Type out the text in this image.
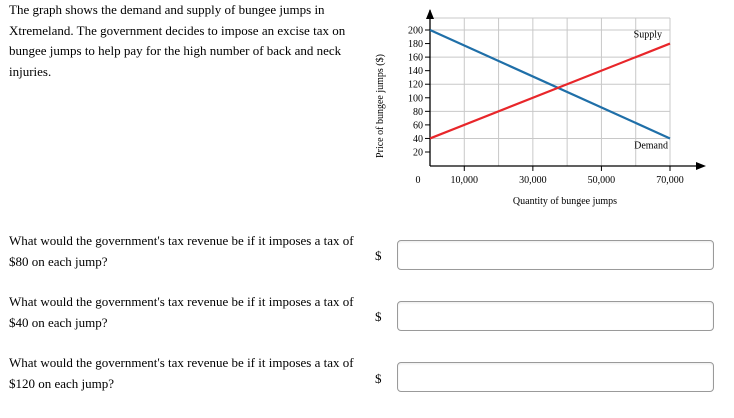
The graph shows the demand and supply of bungee jumps in Xtremeland. The government decides to impose an excise tax on bungee jumps to help pay for the high number of back and neck injuries.

20
40
60
80
100
120
140
160
180
200
0	10,000	30,000	50,000	70,000
Supply
Demand
Quantity of bungee jumps
Price of bungee jumps ($)

What would the government's tax revenue be if it imposes a tax of $80 on each jump?	$

What would the government's tax revenue be if it imposes a tax of $40 on each jump?	$

What would the government's tax revenue be if it imposes a tax of $120 on each jump?	$
